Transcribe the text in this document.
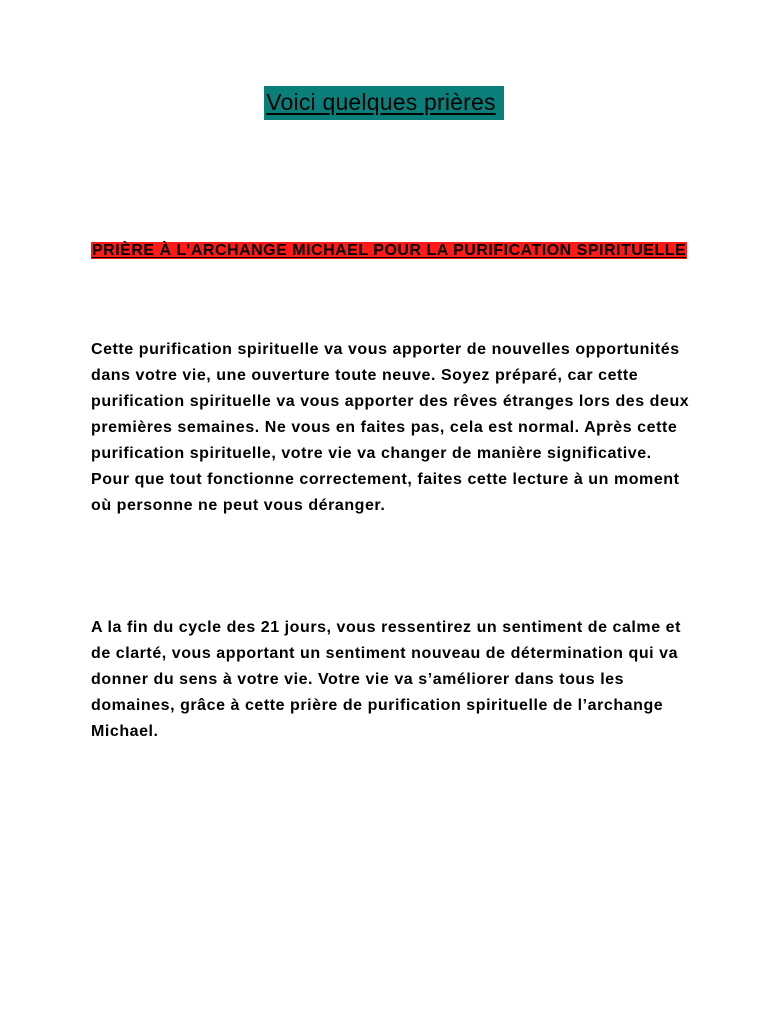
Voici quelques prières
PRIÈRE À L’ARCHANGE MICHAEL POUR LA PURIFICATION SPIRITUELLE

Cette purification spirituelle va vous apporter de nouvelles opportunités dans votre vie, une ouverture toute neuve. Soyez préparé, car cette purification spirituelle va vous apporter des rêves étranges lors des deux premières semaines. Ne vous en faites pas, cela est normal. Après cette purification spirituelle, votre vie va changer de manière significative. Pour que tout fonctionne correctement, faites cette lecture à un moment où personne ne peut vous déranger.

A la fin du cycle des 21 jours, vous ressentirez un sentiment de calme et de clarté, vous apportant un sentiment nouveau de détermination qui va donner du sens à votre vie. Votre vie va s’améliorer dans tous les domaines, grâce à cette prière de purification spirituelle de l’archange Michael.
